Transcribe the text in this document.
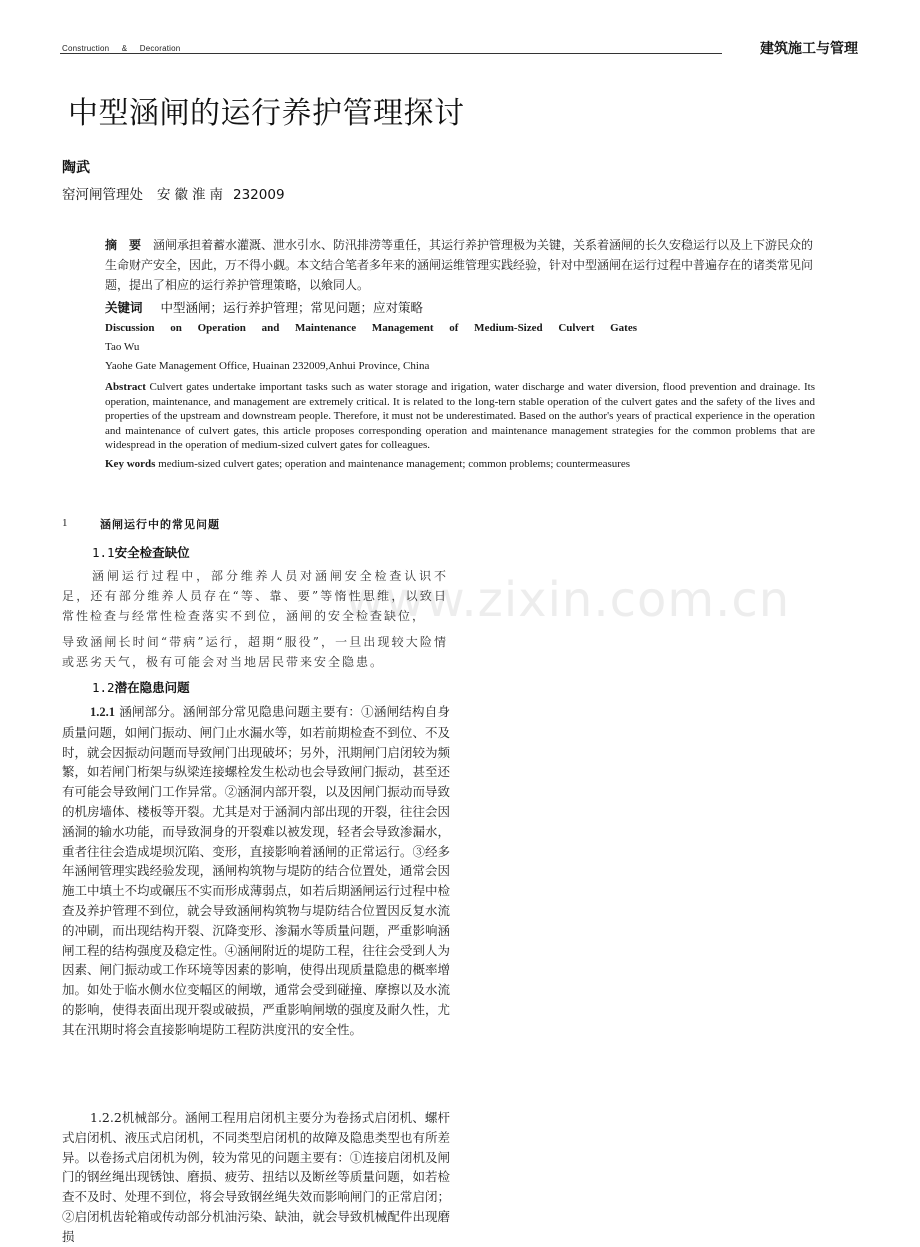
Construction & Decoration	建筑施工与管理
中型涵闸的运行养护管理探讨
陶武
窑河闸管理处 安徽淮南 232009
摘要涵闸承担着蓄水灌溉、泄水引水、防汛排涝等重任，其运行养护管理极为关键，关系着涵闸的长久安稳运行以及上下游民众的生命财产安全，因此，万不得小觑。本文结合笔者多年来的涵闸运维管理实践经验，针对中型涵闸在运行过程中普遍存在的诸类常见问题，提出了相应的运行养护管理策略，以飨同人。
关键词 中型涵闸；运行养护管理；常见问题；应对策略
Discussion on Operation and Maintenance Management of Medium-Sized Culvert Gates
Tao Wu
Yaohe Gate Management Office, Huainan 232009,Anhui Province, China
Abstract Culvert gates undertake important tasks such as water storage and irigation, water discharge and water diversion, flood prevention and drainage. Its operation, maintenance, and management are extremely critical. It is related to the long-tern stable operation of the culvert gates and the safety of the lives and properties of the upstream and downstream people. Therefore, it must not be underestimated. Based on the author's years of practical experience in the operation and maintenance of culvert gates, this article proposes corresponding operation and maintenance management strategies for the common problems that are widespread in the operation of medium-sized culvert gates for colleagues.
Key words medium-sized culvert gates; operation and maintenance management; common problems; countermeasures
www.zixin.com.cn
1	涵闸运行中的常见问题
1.1安全检查缺位
涵闸运行过程中，部分维养人员对涵闸安全检查认识不足，还有部分维养人员存在“等、靠、要”等惰性思维，以致日常性检查与经常性检查落实不到位，涵闸的安全检查缺位，
导致涵闸长时间“带病”运行，超期“服役”，一旦出现较大险情或恶劣天气，极有可能会对当地居民带来安全隐患。
1.2潜在隐患问题
1.2.1 涵闸部分。涵闸部分常见隐患问题主要有：①涵闸结构自身质量问题，如闸门振动、闸门止水漏水等，如若前期检查不到位、不及时，就会因振动问题而导致闸门出现破坏；另外，汛期闸门启闭较为频繁，如若闸门桁架与纵梁连接螺栓发生松动也会导致闸门振动，甚至还有可能会导致闸门工作异常。②涵洞内部开裂，以及因闸门振动而导致的机房墙体、楼板等开裂。尤其是对于涵洞内部出现的开裂，往往会因涵洞的输水功能，而导致洞身的开裂难以被发现，轻者会导致渗漏水，重者往往会造成堤坝沉陷、变形，直接影响着涵闸的正常运行。③经多年涵闸管理实践经验发现，涵闸构筑物与堤防的结合位置处，通常会因施工中填土不均或碾压不实而形成薄弱点，如若后期涵闸运行过程中检查及养护管理不到位，就会导致涵闸构筑物与堤防结合位置因反复水流的冲刷，而出现结构开裂、沉降变形、渗漏水等质量问题，严重影响涵闸工程的结构强度及稳定性。④涵闸附近的堤防工程，往往会受到人为因素、闸门振动或工作环境等因素的影响，使得出现质量隐患的概率增加。如处于临水侧水位变幅区的闸墩，通常会受到碰撞、摩擦以及水流的影响，使得表面出现开裂或破损，严重影响闸墩的强度及耐久性，尤其在汛期时将会直接影响堤防工程防洪度汛的安全性。
1.2.2机械部分。涵闸工程用启闭机主要分为卷扬式启闭机、螺杆式启闭机、液压式启闭机，不同类型启闭机的故障及隐患类型也有所差异。以卷扬式启闭机为例，较为常见的问题主要有：①连接启闭机及闸门的钢丝绳出现锈蚀、磨损、疲劳、扭结以及断丝等质量问题，如若检查不及时、处理不到位，将会导致钢丝绳失效而影响闸门的正常启闭；②启闭机齿轮箱或传动部分机油污染、缺油，就会导致机械配件出现磨损
